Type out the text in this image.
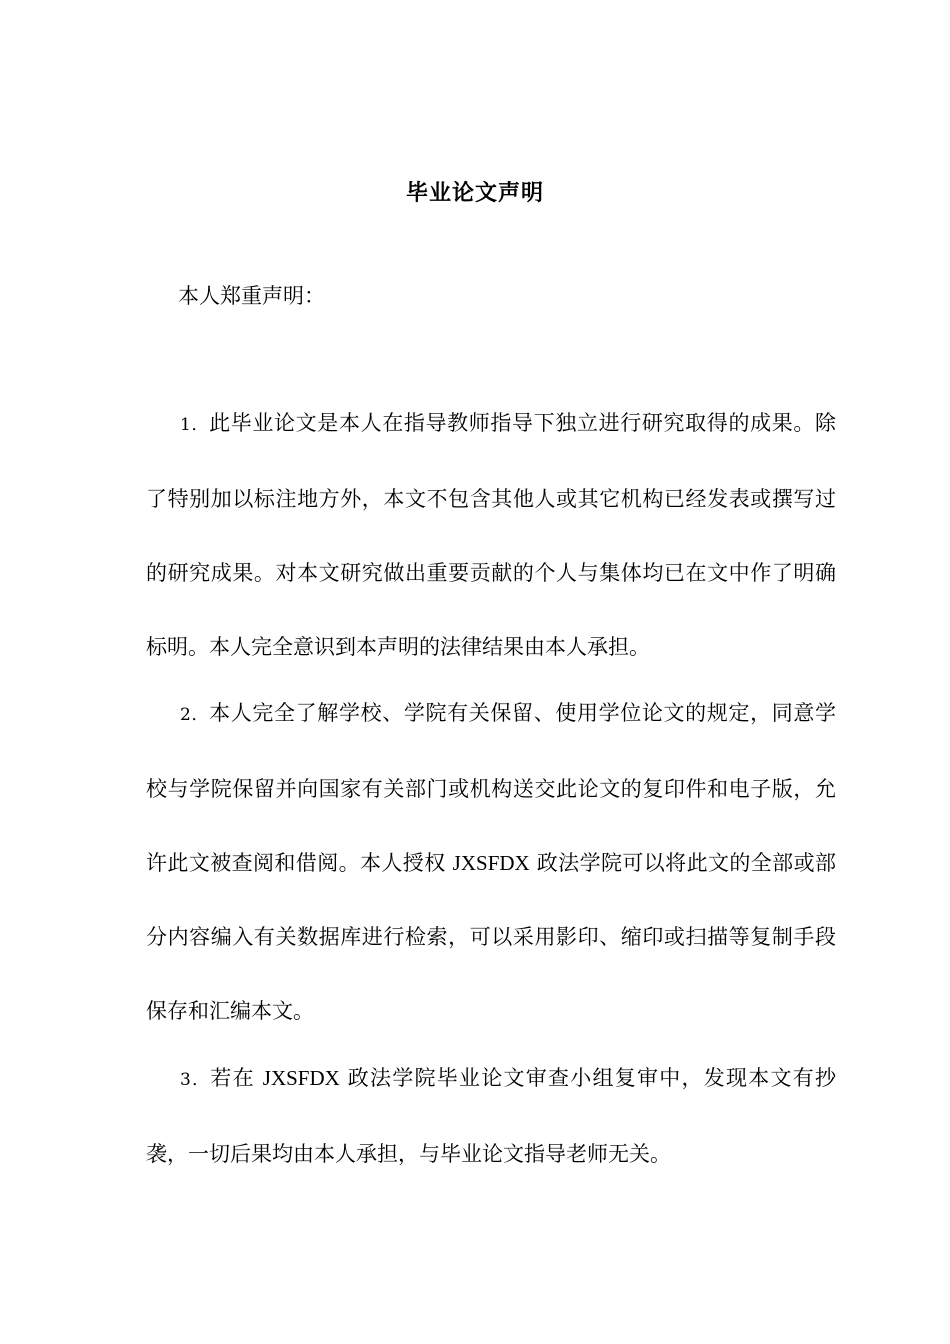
毕业论文声明
本人郑重声明：
1．此毕业论文是本人在指导教师指导下独立进行研究取得的成果。除了特别加以标注地方外，本文不包含其他人或其它机构已经发表或撰写过的研究成果。对本文研究做出重要贡献的个人与集体均已在文中作了明确标明。本人完全意识到本声明的法律结果由本人承担。
2．本人完全了解学校、学院有关保留、使用学位论文的规定，同意学校与学院保留并向国家有关部门或机构送交此论文的复印件和电子版，允许此文被查阅和借阅。本人授权 JXSFDX 政法学院可以将此文的全部或部分内容编入有关数据库进行检索，可以采用影印、缩印或扫描等复制手段保存和汇编本文。
3．若在 JXSFDX 政法学院毕业论文审查小组复审中，发现本文有抄袭，一切后果均由本人承担，与毕业论文指导老师无关。
